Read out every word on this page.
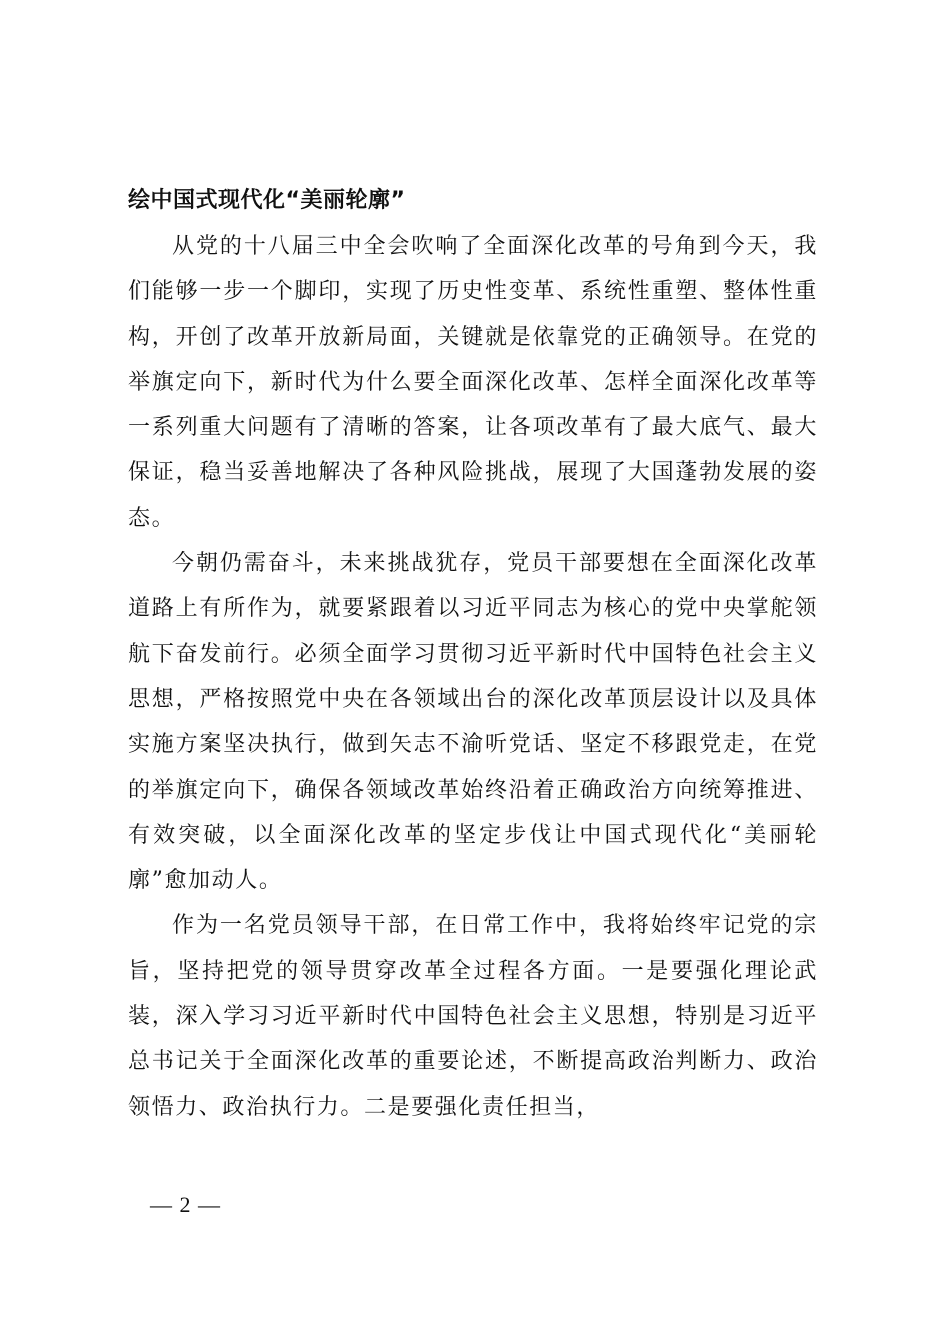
绘中国式现代化“美丽轮廓”

从党的十八届三中全会吹响了全面深化改革的号角到今天，我们能够一步一个脚印，实现了历史性变革、系统性重塑、整体性重构，开创了改革开放新局面，关键就是依靠党的正确领导。在党的举旗定向下，新时代为什么要全面深化改革、怎样全面深化改革等一系列重大问题有了清晰的答案，让各项改革有了最大底气、最大保证，稳当妥善地解决了各种风险挑战，展现了大国蓬勃发展的姿态。

今朝仍需奋斗，未来挑战犹存，党员干部要想在全面深化改革道路上有所作为，就要紧跟着以习近平同志为核心的党中央掌舵领航下奋发前行。必须全面学习贯彻习近平新时代中国特色社会主义思想，严格按照党中央在各领域出台的深化改革顶层设计以及具体实施方案坚决执行，做到矢志不渝听党话、坚定不移跟党走，在党的举旗定向下，确保各领域改革始终沿着正确政治方向统筹推进、有效突破，以全面深化改革的坚定步伐让中国式现代化“美丽轮廓”愈加动人。

作为一名党员领导干部，在日常工作中，我将始终牢记党的宗旨，坚持把党的领导贯穿改革全过程各方面。一是要强化理论武装，深入学习习近平新时代中国特色社会主义思想，特别是习近平总书记关于全面深化改革的重要论述，不断提高政治判断力、政治领悟力、政治执行力。二是要强化责任担当，

— 2 —
